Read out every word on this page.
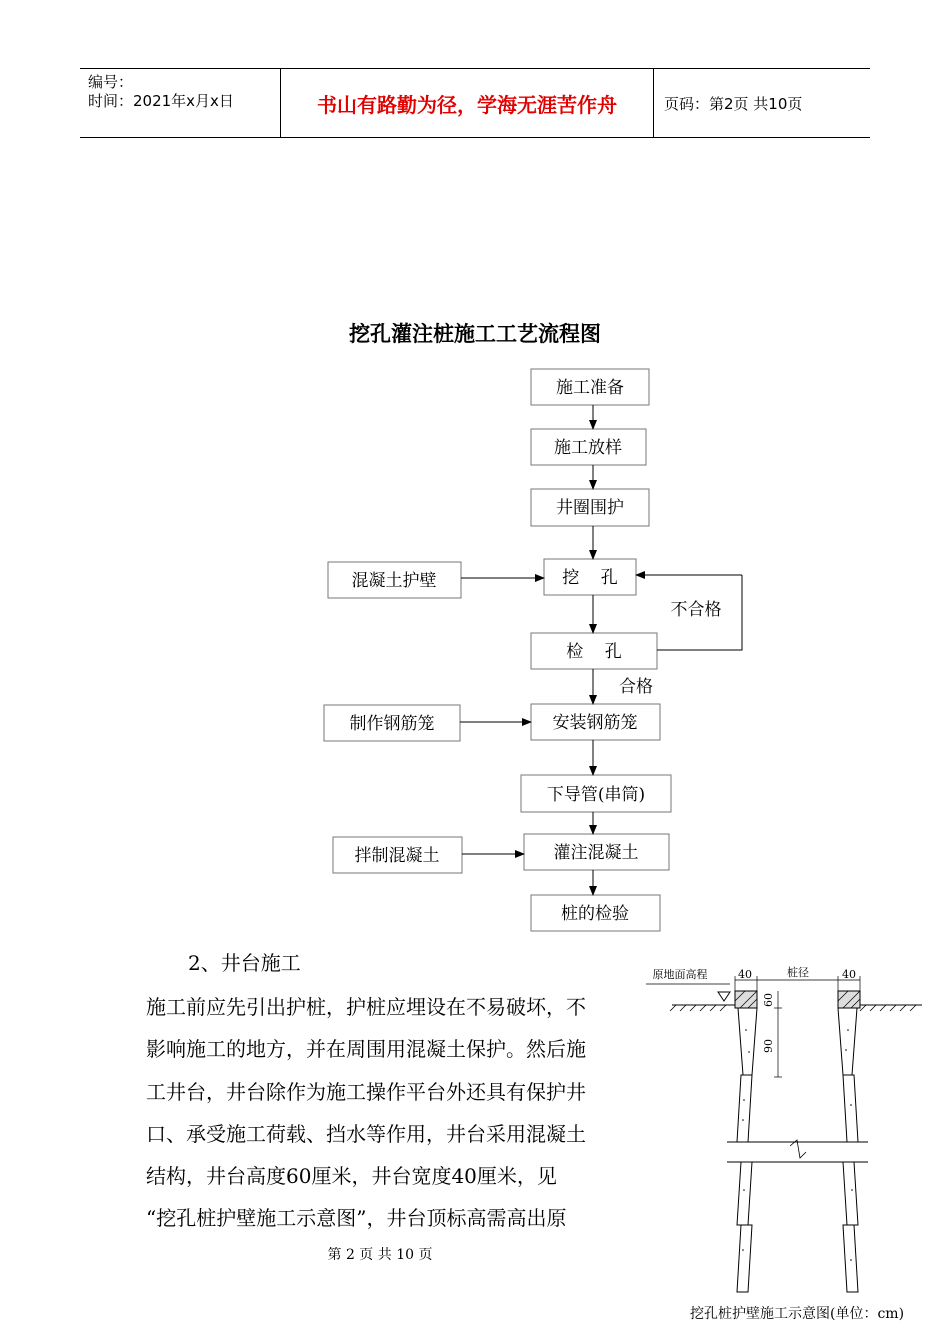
编号：
时间：2021年x月x日	书山有路勤为径，学海无涯苦作舟	页码：第2页 共10页
挖孔灌注桩施工工艺流程图
施工准备
施工放样
井圈围护
挖    孔
检    孔
安装钢筋笼
下导管(串筒)
灌注混凝土
桩的检验
混凝土护壁
制作钢筋笼
拌制混凝土
不合格
合格
原地面高程	40	桩径	40
60
90
2、井台施工
施工前应先引出护桩，护桩应埋设在不易破坏，不
影响施工的地方，并在周围用混凝土保护。然后施
工井台，井台除作为施工操作平台外还具有保护井
口、承受施工荷载、挡水等作用，井台采用混凝土
结构，井台高度60厘米，井台宽度40厘米，见
“挖孔桩护壁施工示意图”，井台顶标高需高出原
第 2 页 共 10 页
挖孔桩护壁施工示意图(单位：cm)
